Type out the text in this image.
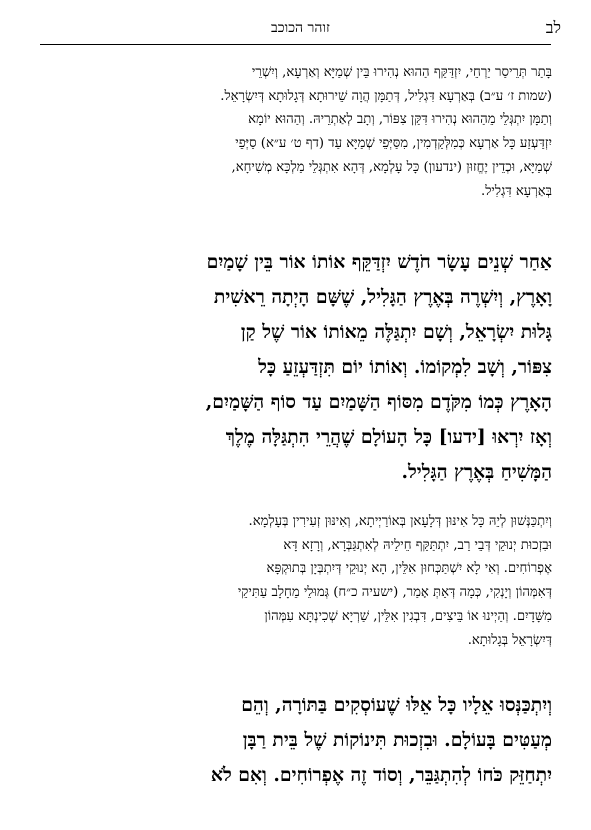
לב
זוהר הכוכב

בָּתַר תְּרֵיסַר יַרְחֵי, יִזְדַּקַּף הַהוּא נְהִירוּ בֵּין שְׁמַיָּא וְאַרְעָא, וְיִשְׁרֵי
(שמות ז׳ ע״ב) בְּאַרְעָא דִּגְלִיל, דְּתַמָּן הֲוָה שֵׁירוּתָא דְּגָלוּתָא דְּיִשְׂרָאֵל.
וְתַמָּן יִתְגְּלֵי מֵהַהוּא נְהִירוּ דִּקַּן צִפּוֹר, וְתָב לְאַתְרֵיהּ. וְהַהוּא יוֹמָא
יִזְדַּעְזַע כָּל אַרְעָא כְּמִלְּקַדְמִין, מִסַּיְּפֵי שְׁמַיָּא עַד (דף ט׳ ע״א) סַיְּפֵי
שְׁמַיָּא, וּכְדֵין יֶחֱזוּן (ינדעון) כָּל עָלְמָא, דְּהָא אִתְגְּלֵי מַלְכָּא מְשִׁיחָא,
בְּאַרְעָא דִּגְלִיל.

אַחַר שְׁנֵים עָשָׂר חֹדֶשׁ יִזְדַּקֵּף אוֹתוֹ אוֹר בֵּין שָׁמַיִם
וָאָרֶץ, וְיִשְׁרֶה בְּאֶרֶץ הַגָּלִיל, שֶׁשָּׁם הָיְתָה רֵאשִׁית
גָּלוּת יִשְׂרָאֵל, וְשָׁם יִתְגַּלֶּה מֵאוֹתוֹ אוֹר שֶׁל קַן
צִפּוֹר, וְשָׁב לִמְקוֹמוֹ. וְאוֹתוֹ יוֹם תִּזְדַּעְזֵעַ כָּל
הָאָרֶץ כְּמוֹ מִקֹּדֶם מִסּוֹף הַשָּׁמַיִם עַד סוֹף הַשָּׁמַיִם,
וְאָז יִרְאוּ [ידעו] כָּל הָעוֹלָם שֶׁהֲרֵי הִתְגַּלָּה מֶלֶךְ
הַמָּשִׁיחַ בְּאֶרֶץ הַגָּלִיל.

וְיִתְכַּנְּשׁוּן לְיֵהּ כָּל אִינּוּן דְּלָעָאן בְּאוֹרַיְיתָא, וְאִינּוּן זְעִירִין בְּעָלְמָא.
וּבִזְכוּת יְנוּקֵי דְּבֵי רַב, יִתְתַּקַּף חֵילֵיהּ לְאִתְגַּבְּרָא, וְרָזָא דָּא
אֶפְרוֹחִים. וְאִי לָא יִשְׁתַּכְּחוּן אִלֵּין, הָא יְנוּקֵי דְּיִתְבְּיָן בְּתוּקְפָּא
דְּאִמְּהוֹן וְיָנְקִי, כְּמָה דְּאַתְּ אָמַר, (ישעיה כ״ח) גְּמוּלֵי מֵחָלָב עַתִּיקֵי
מִשָּׁדָיִם. וְהַיְינוּ אוֹ בֵּיצִים, דִּבְגִין אִלֵּין, שַׁרְיָא שְׁכִינְתָּא עִמְּהוֹן
דְּיִשְׂרָאֵל בְּגָלוּתָא.

וְיִתְכַּנְּסוּ אֵלָיו כָּל אֵלּוּ שֶׁעוֹסְקִים בַּתּוֹרָה, וְהֵם
מְעַטִּים בָּעוֹלָם. וּבִזְכוּת תִּינוֹקוֹת שֶׁל בֵּית רַבָּן
יִתְחַזֵּק כֹּחוֹ לְהִתְגַּבֵּר, וְסוֹד זֶה אֶפְרוֹחִים. וְאִם לֹא
